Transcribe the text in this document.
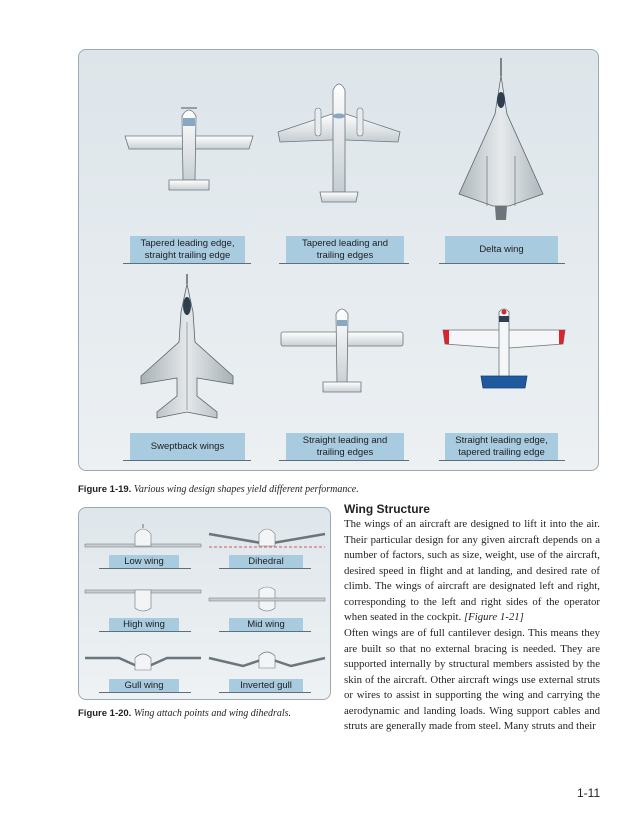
Tapered leading edge,
straight trailing edge
Tapered leading and
trailing edges
Delta wing
Sweptback wings
Straight leading and
trailing edges
Straight leading edge,
tapered trailing edge
Figure 1-19. Various wing design shapes yield different performance.
Low wing	Dihedral
High wing	Mid wing
Gull wing	Inverted gull
Figure 1-20. Wing attach points and wing dihedrals.
Wing Structure
The wings of an aircraft are designed to lift it into the air. Their particular design for any given aircraft depends on a number of factors, such as size, weight, use of the aircraft, desired speed in flight and at landing, and desired rate of climb. The wings of aircraft are designated left and right, corresponding to the left and right sides of the operator when seated in the cockpit. [Figure 1-21]
Often wings are of full cantilever design. This means they are built so that no external bracing is needed. They are supported internally by structural members assisted by the skin of the aircraft. Other aircraft wings use external struts or wires to assist in supporting the wing and carrying the aerodynamic and landing loads. Wing support cables and struts are generally made from steel. Many struts and their
1-11
